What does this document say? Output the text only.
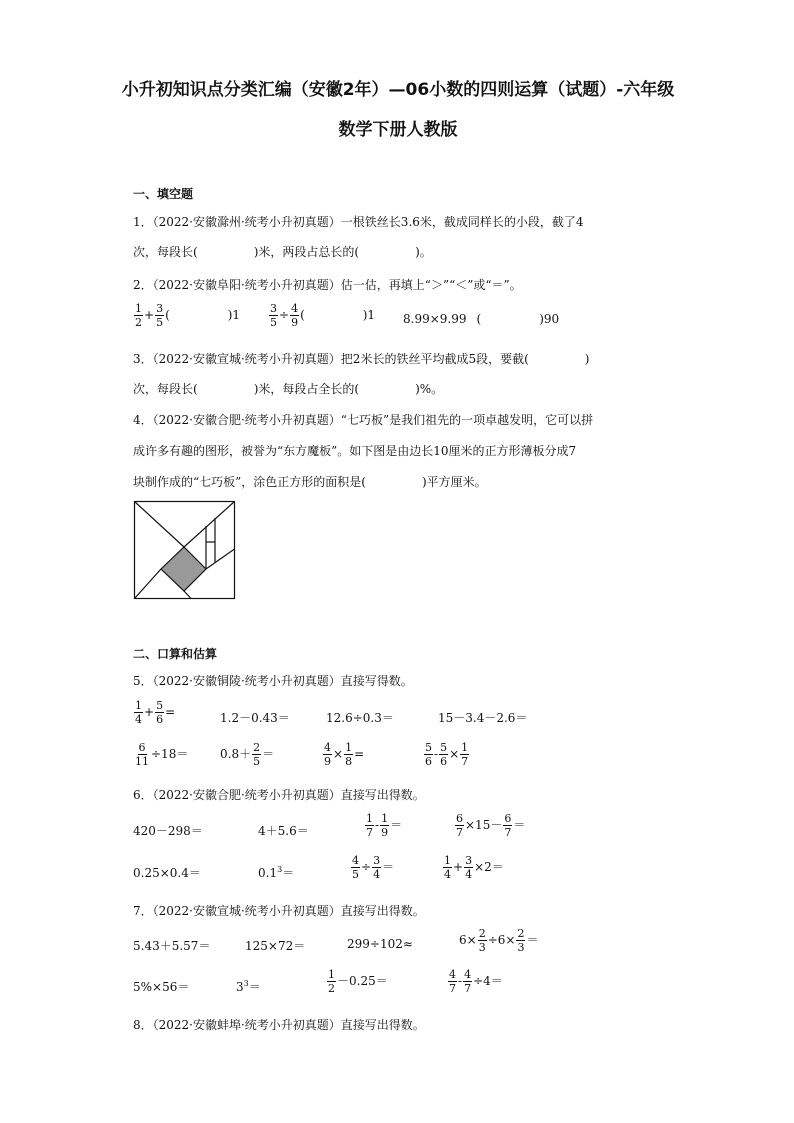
小升初知识点分类汇编（安徽2年）—06小数的四则运算（试题）-六年级数学下册人教版
一、填空题
1．（2022·安徽滁州·统考小升初真题）一根铁丝长3.6米，截成同样长的小段，截了4
次，每段长(	)米，两段占总长的(	)。
2．（2022·安徽阜阳·统考小升初真题）估一估，再填上“＞”“＜”或“＝”。
$\frac{1}{2} + \frac{3}{5}$ (	)1	$\frac{3}{5} \div \frac{4}{9}$ (	)1 8.99×9.99 (	)90
3．（2022·安徽宣城·统考小升初真题）把2米长的铁丝平均截成5段，要截(	)
次，每段长(	)米，每段占全长的(	)%。
4．（2022·安徽合肥·统考小升初真题）“七巧板”是我们祖先的一项卓越发明，它可以拼
成许多有趣的图形，被誉为“东方魔板”。如下图是由边长10厘米的正方形薄板分成7
块制作成的“七巧板”，涂色正方形的面积是(	)平方厘米。
二、口算和估算
5．（2022·安徽铜陵·统考小升初真题）直接写得数。
$\frac{1}{4} + \frac{5}{6}$ =	1.2－0.43＝	12.6÷0.3＝	15－3.4－2.6＝
$\frac{6}{11} \div 18=$	$0.8+ \frac{2}{5}$ ＝	$\frac{4}{9} \times \frac{1}{8}$ =	$\frac{5}{6} - \frac{5}{6} \times \frac{1}{7}$
6．（2022·安徽合肥·统考小升初真题）直接写出得数。
420－298＝	4＋5.6＝	$\frac{1}{7} - \frac{1}{9}$ ＝	$\frac{6}{7} \times 15- \frac{6}{7}$ ＝
0.25×0.4＝	$0.1^3=$	$\frac{4}{5} \div \frac{3}{4}$ ＝	$\frac{1}{4} + \frac{3}{4} \times 2=$
7．（2022·安徽宣城·统考小升初真题）直接写出得数。
5.43＋5.57＝	125×72＝	299÷102≈	$6\times \frac{2}{3} \div 6\times \frac{2}{3}$ ＝
5%×56＝	$3^3=$	$\frac{1}{2} -0.25=$	$\frac{4}{7} - \frac{4}{7} \div 4=$
8．（2022·安徽蚌埠·统考小升初真题）直接写出得数。
